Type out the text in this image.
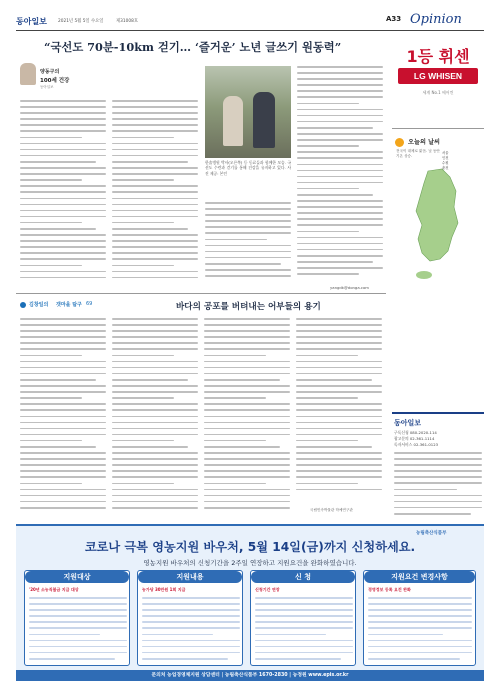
동아일보	2021년 5월 5일 수요일	제31008호	A33 Opinion
“국선도 70분-10km 걷기… ‘즐거운’ 노년 글쓰기 원동력”
양동구의
100세 건강
동아일보
한솔병원 박사(오른쪽) 등 동료들과 함께한 모습. 국선도 수련과 걷기를 통해 건강을 유지하고 있다. 사진 제공: 본인
yangdk@donga.com
1등 휘센
LG WHISEN
세계 No.1 에어컨
오늘의 날씨
전국이 대체로 맑음. 낮 동안 기온 상승.
서울
인천
수원
춘천
김창일의 갯마을 탐구 69	바다의 공포를 버텨내는 어부들의 용기
국립민속박물관 학예연구관
동아일보
구독신청 080-2020-114
광고문의 02-361-1114
독자서비스 02-361-0123
농림축산식품부
코로나 극복 영농지원 바우처, 5월 14일(금)까지 신청하세요.
영농지원 바우처의 신청기간을 2주일 연장하고 지원요건을 완화하였습니다.
지원대상
'20년 소농직불금 지급 대상
지원내용
농가당 30만원 1회 지급
신 청
신청기간 연장
지원요건 변경사항
경영정보 등록 요건 완화
문의처 농업경영체지원 상담센터 | 농림축산식품부 1670-2830 | 농정원 www.epis.or.kr
